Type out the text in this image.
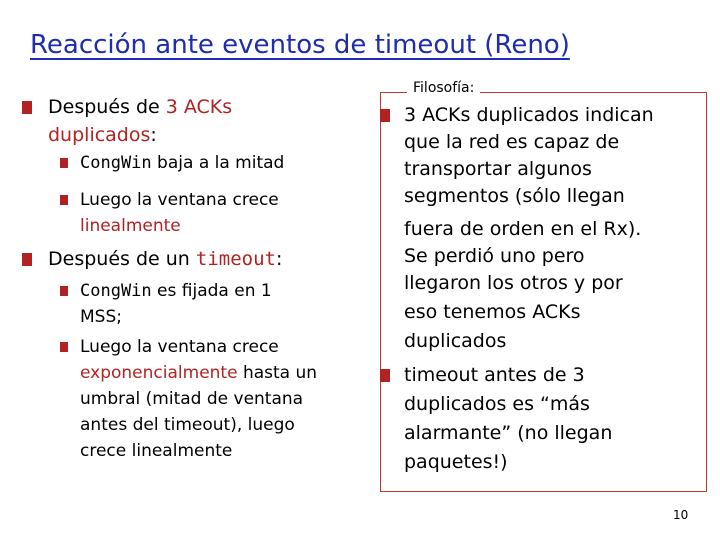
Reacción ante eventos de timeout (Reno)
Después de 3 ACKs
duplicados:
CongWin baja a la mitad
Luego la ventana crece
linealmente
Después de un timeout:
CongWin es fijada en 1
MSS;
Luego la ventana crece
exponencialmente hasta un
umbral (mitad de ventana
antes del timeout), luego
crece linealmente
Filosofía:
3 ACKs duplicados indican
que la red es capaz de
transportar algunos
segmentos (sólo llegan
fuera de orden en el Rx).
Se perdió uno pero
llegaron los otros y por
eso tenemos ACKs
duplicados
timeout antes de 3
duplicados es “más
alarmante” (no llegan
paquetes!)
10
